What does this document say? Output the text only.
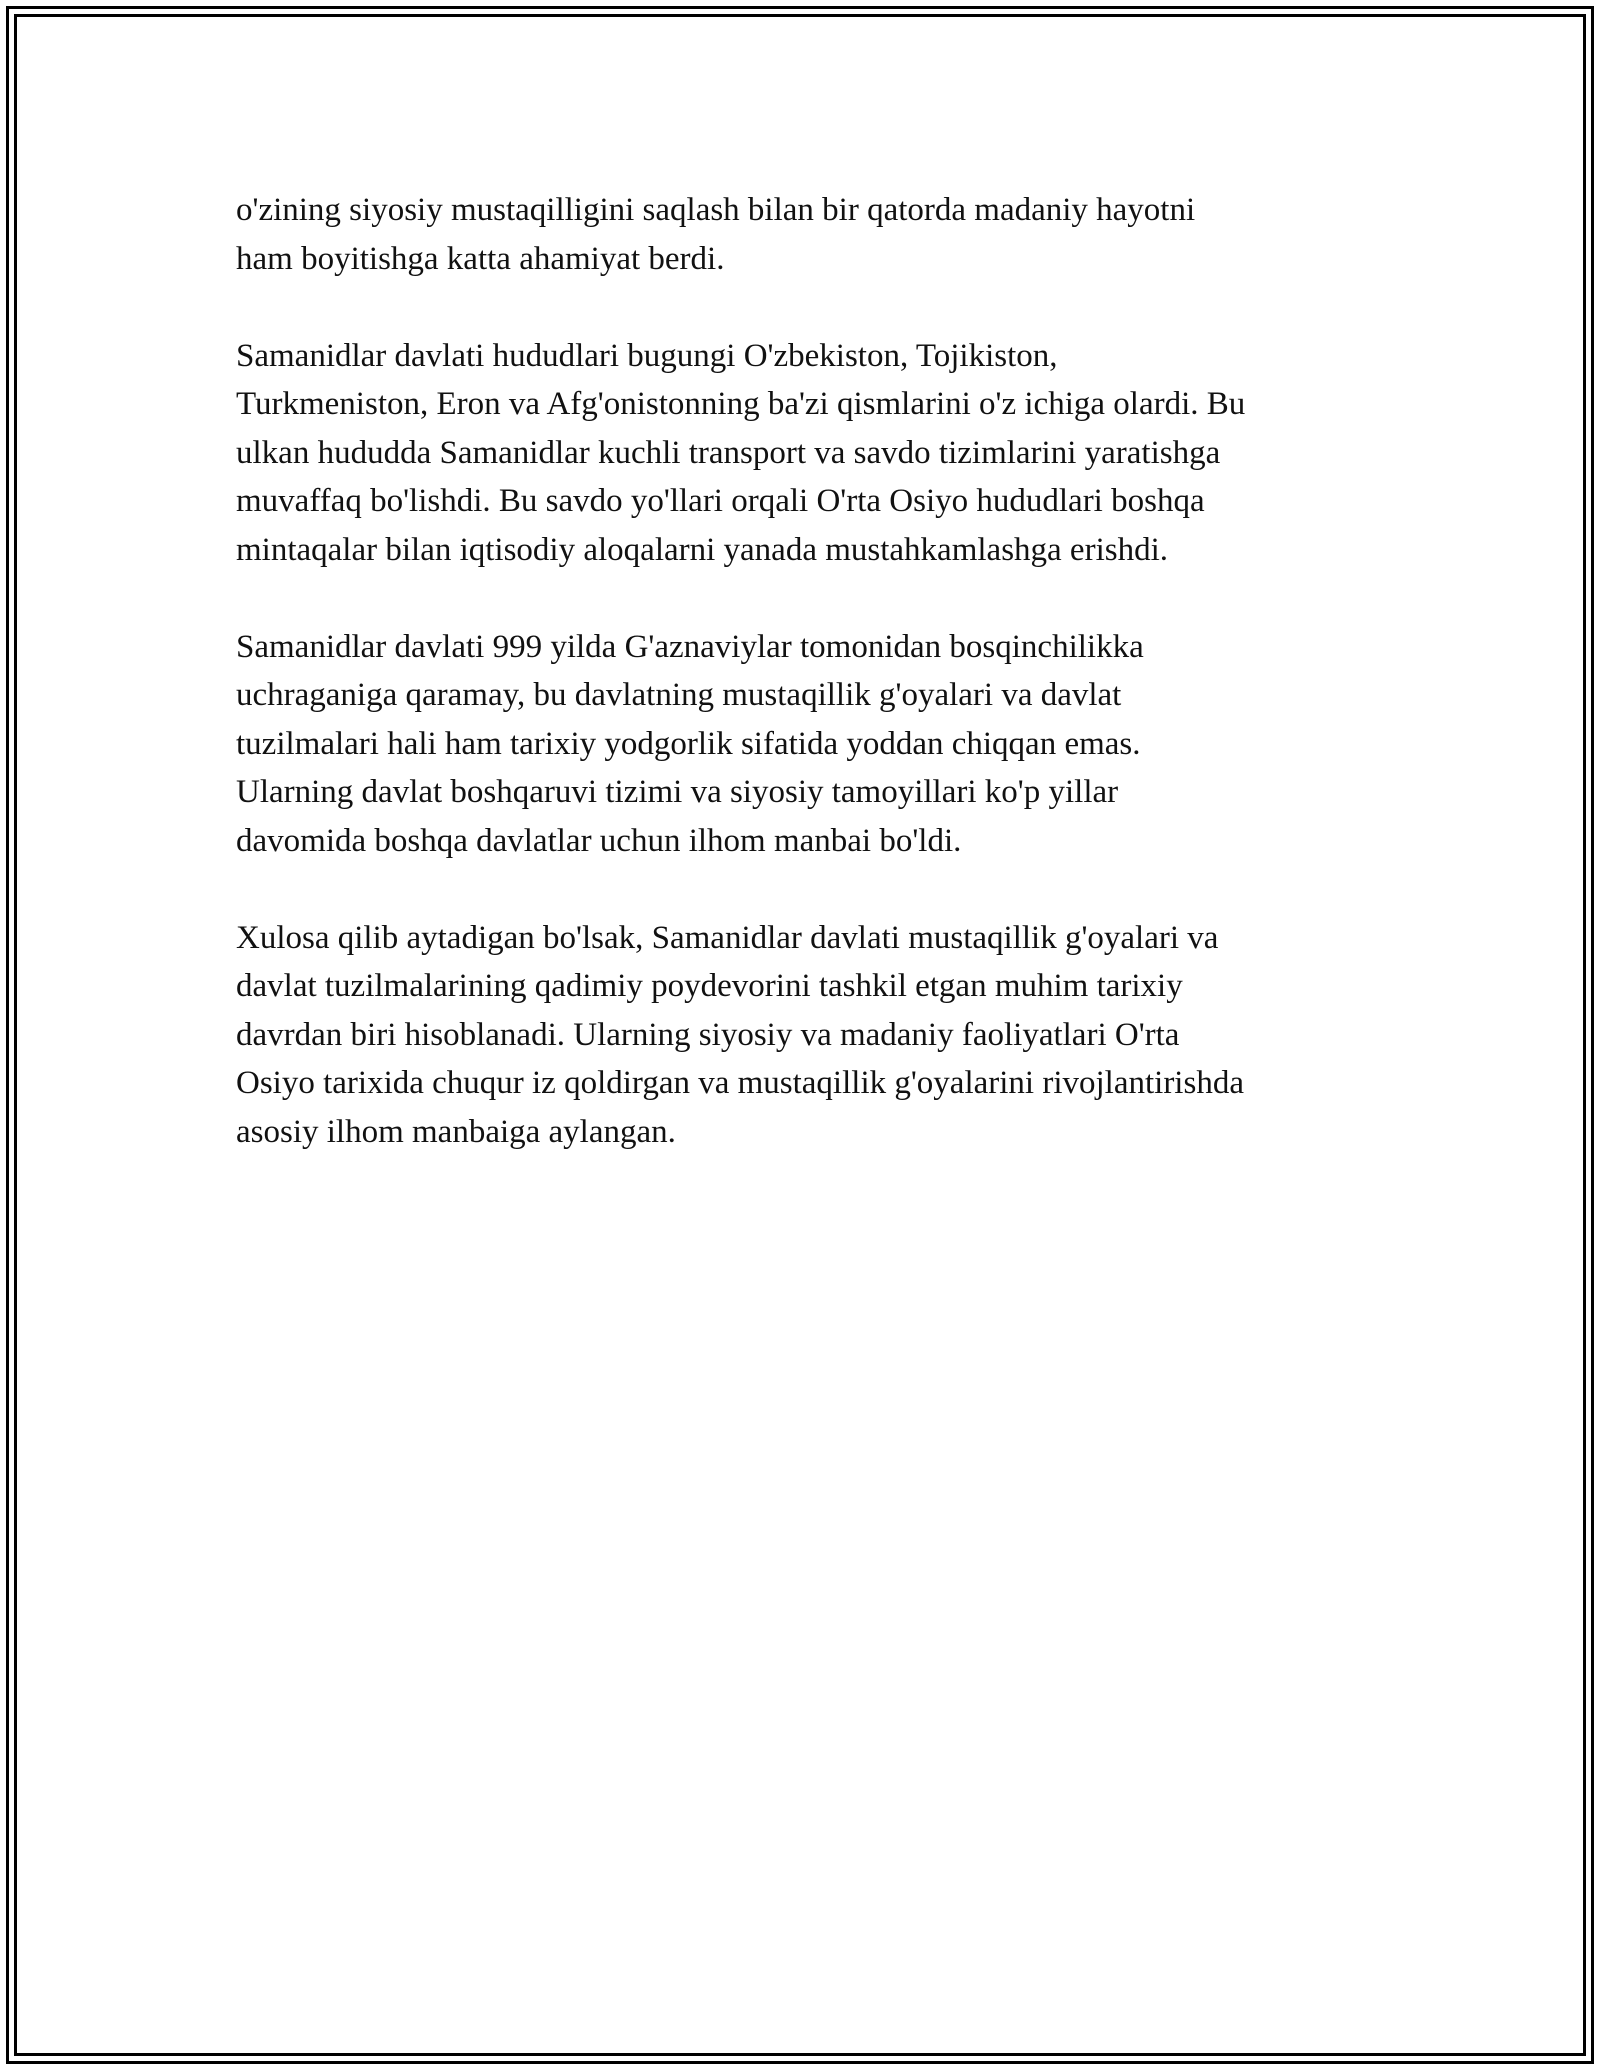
o'zining siyosiy mustaqilligini saqlash bilan bir qatorda madaniy hayotni
ham boyitishga katta ahamiyat berdi.

Samanidlar davlati hududlari bugungi O'zbekiston, Tojikiston,
Turkmeniston, Eron va Afg'onistonning ba'zi qismlarini o'z ichiga olardi. Bu
ulkan hududda Samanidlar kuchli transport va savdo tizimlarini yaratishga
muvaffaq bo'lishdi. Bu savdo yo'llari orqali O'rta Osiyo hududlari boshqa
mintaqalar bilan iqtisodiy aloqalarni yanada mustahkamlashga erishdi.

Samanidlar davlati 999 yilda G'aznaviylar tomonidan bosqinchilikka
uchraganiga qaramay, bu davlatning mustaqillik g'oyalari va davlat
tuzilmalari hali ham tarixiy yodgorlik sifatida yoddan chiqqan emas.
Ularning davlat boshqaruvi tizimi va siyosiy tamoyillari ko'p yillar
davomida boshqa davlatlar uchun ilhom manbai bo'ldi.

Xulosa qilib aytadigan bo'lsak, Samanidlar davlati mustaqillik g'oyalari va
davlat tuzilmalarining qadimiy poydevorini tashkil etgan muhim tarixiy
davrdan biri hisoblanadi. Ularning siyosiy va madaniy faoliyatlari O'rta
Osiyo tarixida chuqur iz qoldirgan va mustaqillik g'oyalarini rivojlantirishda
asosiy ilhom manbaiga aylangan.
